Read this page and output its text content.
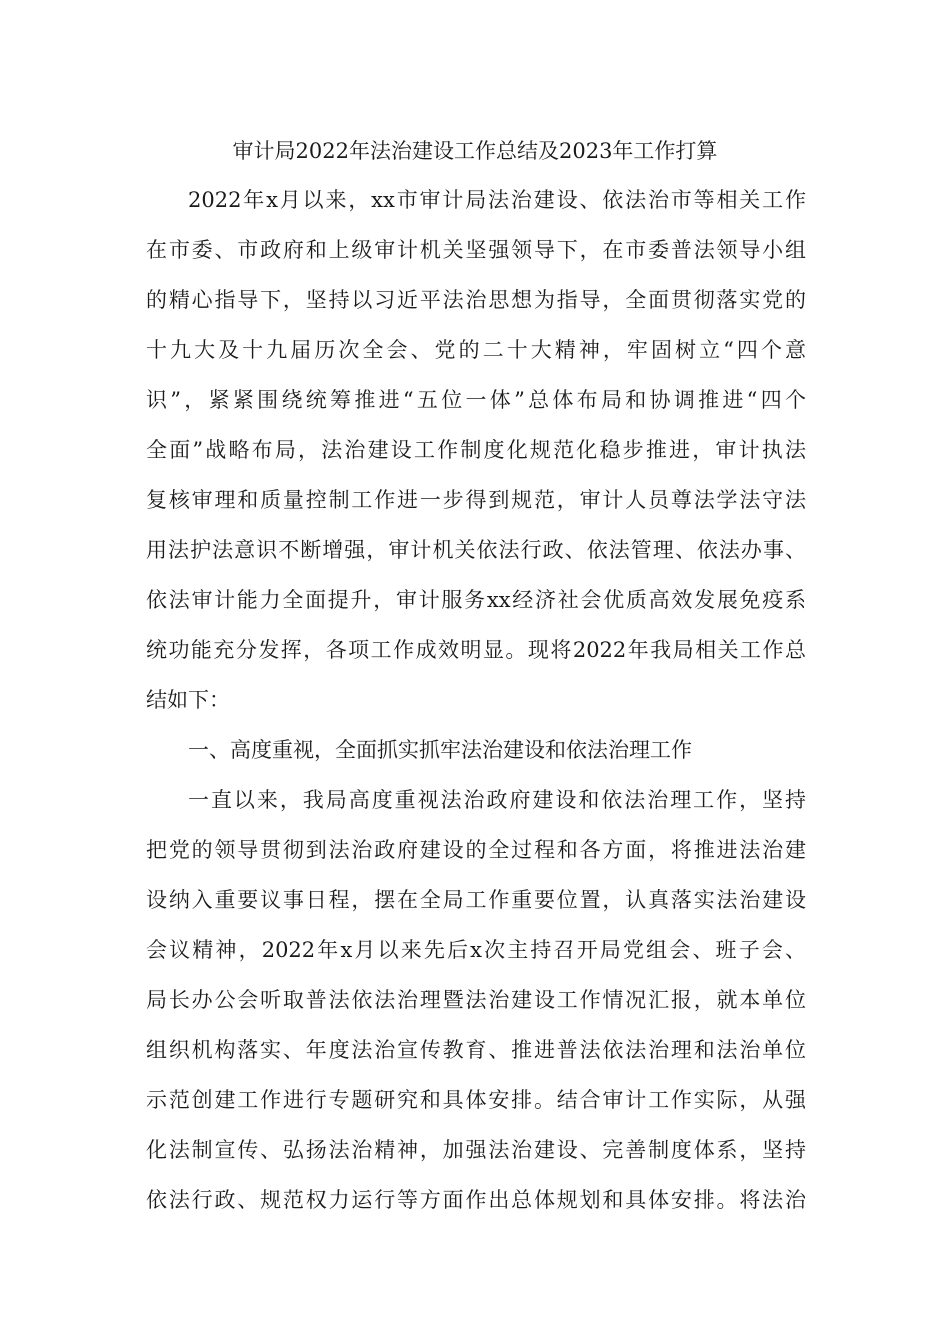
审计局2022年法治建设工作总结及2023年工作打算
2022年x月以来，xx市审计局法治建设、依法治市等相关工作
在市委、市政府和上级审计机关坚强领导下，在市委普法领导小组
的精心指导下，坚持以习近平法治思想为指导，全面贯彻落实党的
十九大及十九届历次全会、党的二十大精神，牢固树立“四个意
识”，紧紧围绕统筹推进“五位一体”总体布局和协调推进“四个
全面”战略布局，法治建设工作制度化规范化稳步推进，审计执法
复核审理和质量控制工作进一步得到规范，审计人员尊法学法守法
用法护法意识不断增强，审计机关依法行政、依法管理、依法办事、
依法审计能力全面提升，审计服务xx经济社会优质高效发展免疫系
统功能充分发挥，各项工作成效明显。现将2022年我局相关工作总
结如下：
一、高度重视，全面抓实抓牢法治建设和依法治理工作
一直以来，我局高度重视法治政府建设和依法治理工作，坚持
把党的领导贯彻到法治政府建设的全过程和各方面，将推进法治建
设纳入重要议事日程，摆在全局工作重要位置，认真落实法治建设
会议精神，2022年x月以来先后x次主持召开局党组会、班子会、
局长办公会听取普法依法治理暨法治建设工作情况汇报，就本单位
组织机构落实、年度法治宣传教育、推进普法依法治理和法治单位
示范创建工作进行专题研究和具体安排。结合审计工作实际，从强
化法制宣传、弘扬法治精神，加强法治建设、完善制度体系，坚持
依法行政、规范权力运行等方面作出总体规划和具体安排。将法治
